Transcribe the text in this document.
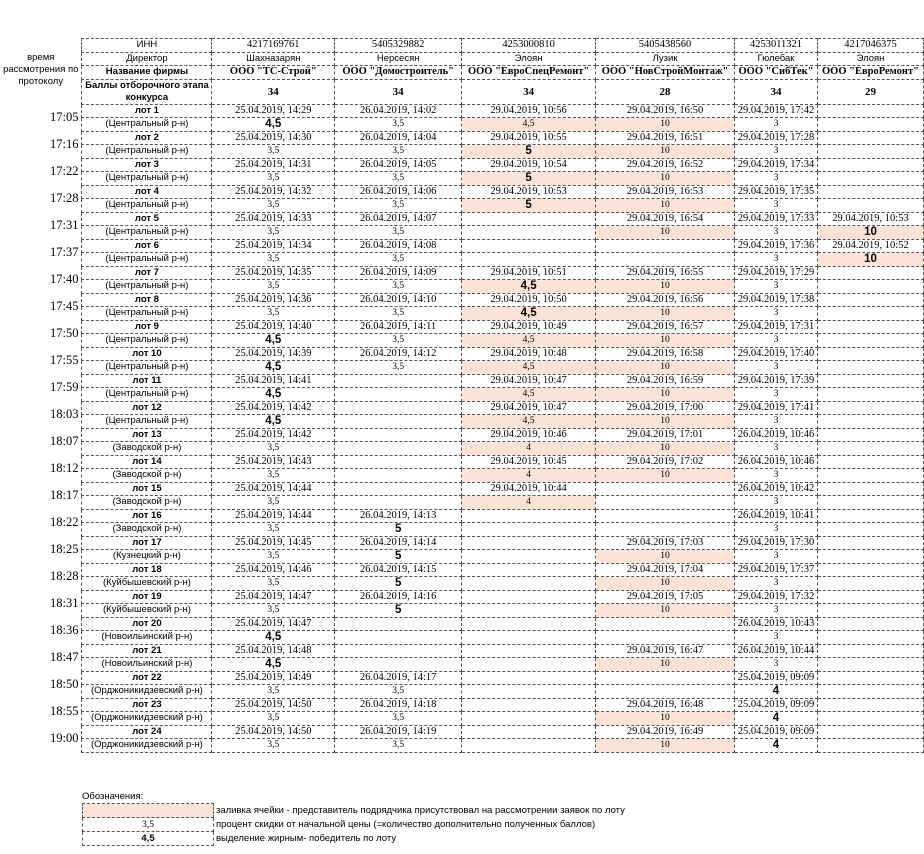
	ИНН	4217169761	5405329882	4253000810	5405438560	4253011321	4217046375
время рассмотрения по протоколу	Директор	Шахназарян	Нерсесян	Элоян	Лузик	Гюлебак	Элоян
	Название фирмы	ООО "ТС-Строй"	ООО "Домостроитель"	ООО "ЕвроСпецРемонт"	ООО "НовСтройМонтаж"	ООО "СибТек"	ООО "ЕвроРемонт"
	Баллы отборочного этапа конкурса	34	34	34	28	34	29
17:05	лот 1	25.04.2019, 14:29	26.04.2019, 14:02	29.04.2019, 10:56	29.04.2019, 16:50	29.04.2019, 17:42	
	(Центральный р-н)	4,5	3,5	4,5	10	3	
17:16	лот 2	25.04.2019, 14:30	26.04.2019, 14:04	29.04.2019, 10:55	29.04.2019, 16:51	29.04.2019, 17:28	
	(Центральный р-н)	3,5	3,5	5	10	3	
17:22	лот 3	25.04.2019, 14:31	26.04.2019, 14:05	29.04.2019, 10:54	29.04.2019, 16:52	29.04.2019, 17:34	
	(Центральный р-н)	3,5	3,5	5	10	3	
17:28	лот 4	25.04.2019, 14:32	26.04.2019, 14:06	29.04.2019, 10:53	29.04.2019, 16:53	29.04.2019, 17:35	
	(Центральный р-н)	3,5	3,5	5	10	3	
17:31	лот 5	25.04.2019, 14:33	26.04.2019, 14:07		29.04.2019, 16:54	29.04.2019, 17:33	29.04.2019, 10:53
	(Центральный р-н)	3,5	3,5		10	3	10
17:37	лот 6	25.04.2019, 14:34	26.04.2019, 14:08			29.04.2019, 17:36	29.04.2019, 10:52
	(Центральный р-н)	3,5	3,5			3	10
17:40	лот 7	25.04.2019, 14:35	26.04.2019, 14:09	29.04.2019, 10:51	29.04.2019, 16:55	29.04.2019, 17:29	
	(Центральный р-н)	3,5	3,5	4,5	10	3	
17:45	лот 8	25.04.2019, 14:36	26.04.2019, 14:10	29.04.2019, 10:50	29.04.2019, 16:56	29.04.2019, 17:38	
	(Центральный р-н)	3,5	3,5	4,5	10	3	
17:50	лот 9	25.04.2019, 14:40	26.04.2019, 14:11	29.04.2019, 10:49	29.04.2019, 16:57	29.04.2019, 17:31	
	(Центральный р-н)	4,5	3,5	4,5	10	3	
17:55	лот 10	25.04.2019, 14:39	26.04.2019, 14:12	29.04.2019, 10:48	29.04.2019, 16:58	29.04.2019, 17:40	
	(Центральный р-н)	4,5	3,5	4,5	10	3	
17:59	лот 11	25.04.2019, 14:41		29.04.2019, 10:47	29.04.2019, 16:59	29.04.2019, 17:39	
	(Центральный р-н)	4,5		4,5	10	3	
18:03	лот 12	25.04.2019, 14:42		29.04.2019, 10:47	29.04.2019, 17:00	29.04.2019, 17:41	
	(Центральный р-н)	4,5		4,5	10	3	
18:07	лот 13	25.04.2019, 14:42		29.04.2019, 10:46	29.04.2019, 17:01	26.04.2019, 10:46	
	(Заводской р-н)	3,5		4	10	3	
18:12	лот 14	25.04.2019, 14:43		29.04.2019, 10:45	29.04.2019, 17:02	26.04.2019, 10:46	
	(Заводской р-н)	3,5		4	10	3	
18:17	лот 15	25.04.2019, 14:44		29.04.2019, 10:44		26.04.2019, 10:42	
	(Заводской р-н)	3,5		4		3	
18:22	лот 16	25.04.2019, 14:44	26.04.2019, 14:13			26.04.2019, 10:41	
	(Заводской р-н)	3,5	5			3	
18:25	лот 17	25.04.2019, 14:45	26.04.2019, 14:14		29.04.2019, 17:03	29.04.2019, 17:30	
	(Кузнецкий р-н)	3,5	5		10	3	
18:28	лот 18	25.04.2019, 14:46	26.04.2019, 14:15		29.04.2019, 17:04	29.04.2019, 17:37	
	(Куйбышевский р-н)	3,5	5		10	3	
18:31	лот 19	25.04.2019, 14:47	26.04.2019, 14:16		29.04.2019, 17:05	29.04.2019, 17:32	
	(Куйбышевский р-н)	3,5	5		10	3	
18:36	лот 20	25.04.2019, 14:47				26.04.2019, 10:43	
	(Новоильинский р-н)	4,5				3	
18:47	лот 21	25.04.2019, 14:48			29.04.2019, 16:47	26.04.2019, 10:44	
	(Новоильинский р-н)	4,5			10	3	
18:50	лот 22	25.04.2019, 14:49	26.04.2019, 14:17			25.04.2019, 09:09	
	(Орджоникидзевский р-н)	3,5	3,5			4	
18:55	лот 23	25.04.2019, 14:50	26.04.2019, 14:18		29.04.2019, 16:48	25.04.2019, 09:09	
	(Орджоникидзевский р-н)	3,5	3,5		10	4	
19:00	лот 24	25.04.2019, 14:50	26.04.2019, 14:19		29.04.2019, 16:49	25.04.2019, 09:09	
	(Орджоникидзевский р-н)	3,5	3,5		10	4	
Обозначения:
	заливка ячейки - представитель подрядчика присутствовал на рассмотрении заявок по лоту
3,5	процент скидки от начальной цены (=количество дополнительно полученных баллов)
4,5	выделение жирным- победитель по лоту
